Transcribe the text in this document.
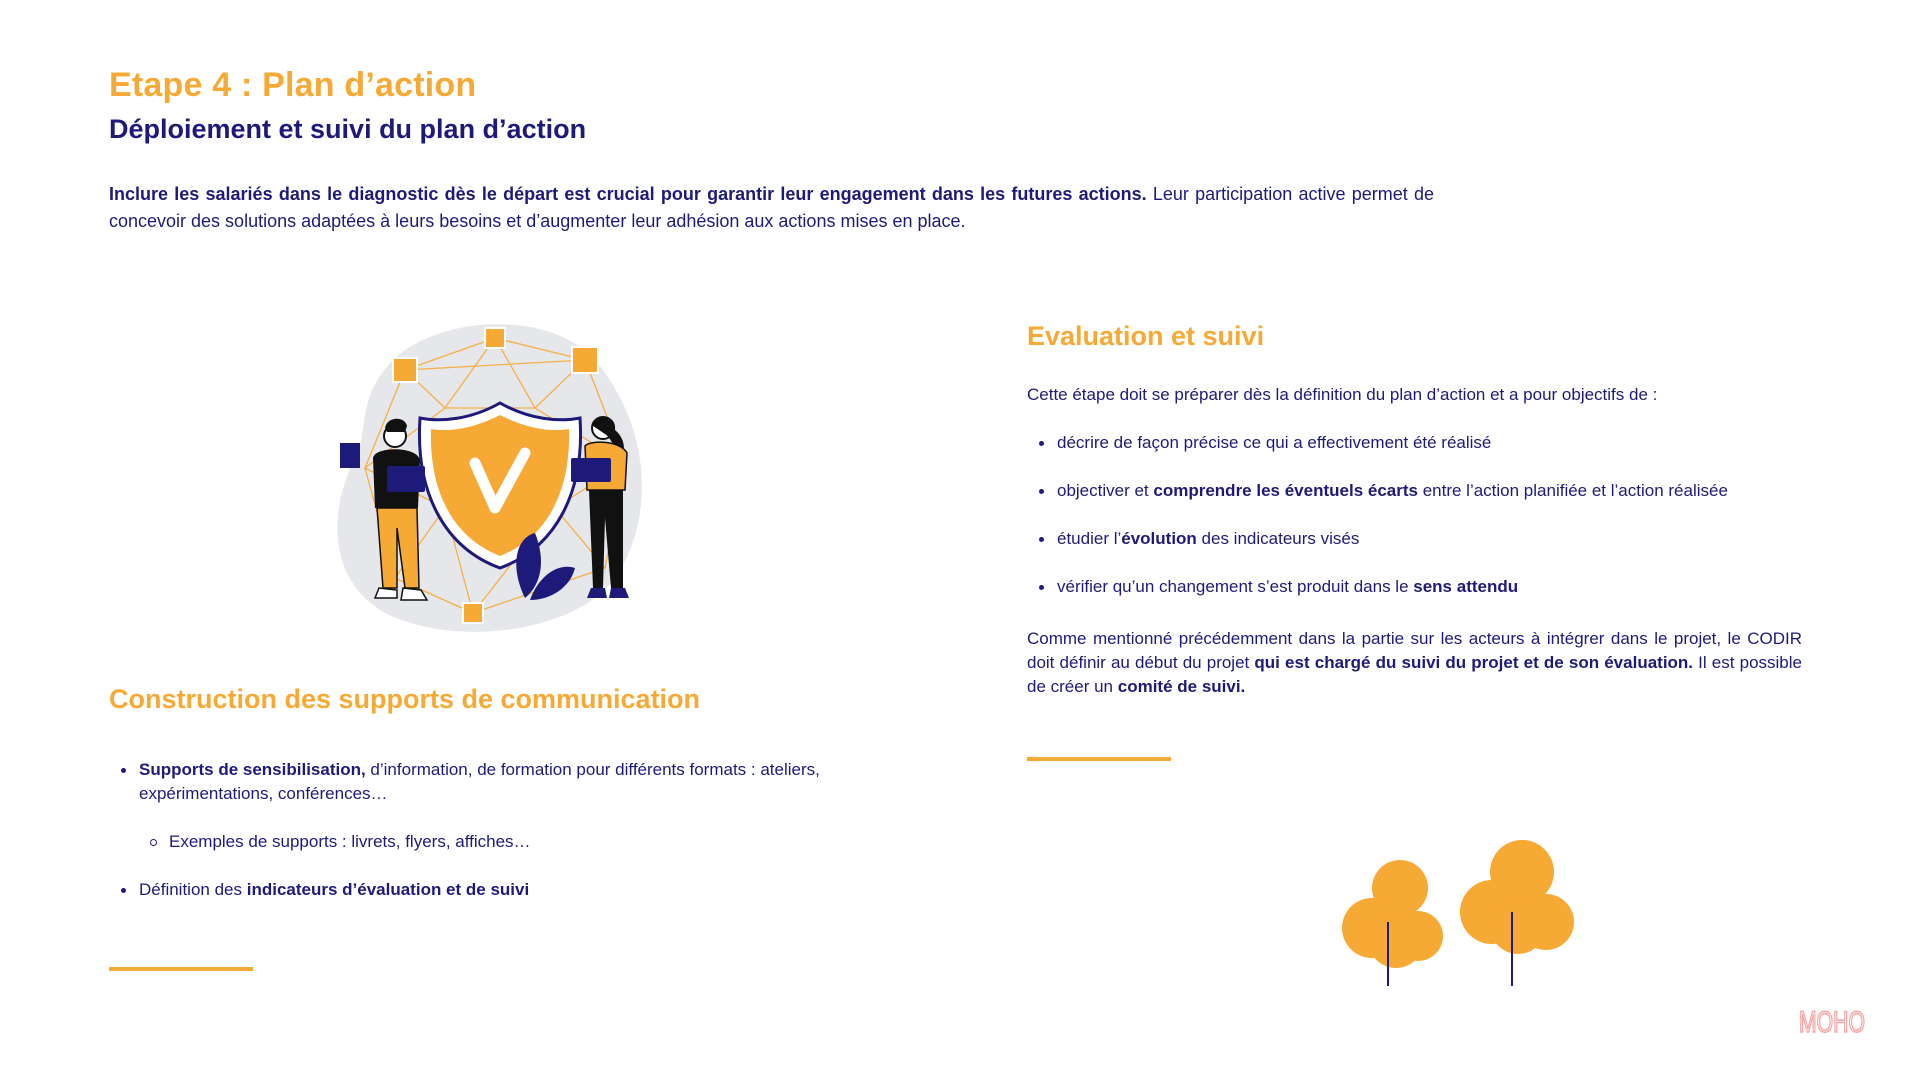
Etape 4 : Plan d’action
Déploiement et suivi du plan d’action

Inclure les salariés dans le diagnostic dès le départ est crucial pour garantir leur engagement dans les futures actions. Leur participation active permet de concevoir des solutions adaptées à leurs besoins et d’augmenter leur adhésion aux actions mises en place.

Construction des supports de communication
Supports de sensibilisation, d’information, de formation pour différents formats : ateliers, expérimentations, conférences…
Exemples de supports : livrets, flyers, affiches…
Définition des indicateurs d’évaluation et de suivi
Evaluation et suivi

Cette étape doit se préparer dès la définition du plan d’action et a pour objectifs de :

décrire de façon précise ce qui a effectivement été réalisé
objectiver et comprendre les éventuels écarts entre l’action planifiée et l’action réalisée
étudier l’évolution des indicateurs visés
vérifier qu’un changement s’est produit dans le sens attendu

Comme mentionné précédemment dans la partie sur les acteurs à intégrer dans le projet, le CODIR doit définir au début du projet qui est chargé du suivi du projet et de son évaluation. Il est possible de créer un comité de suivi.

MOHO
